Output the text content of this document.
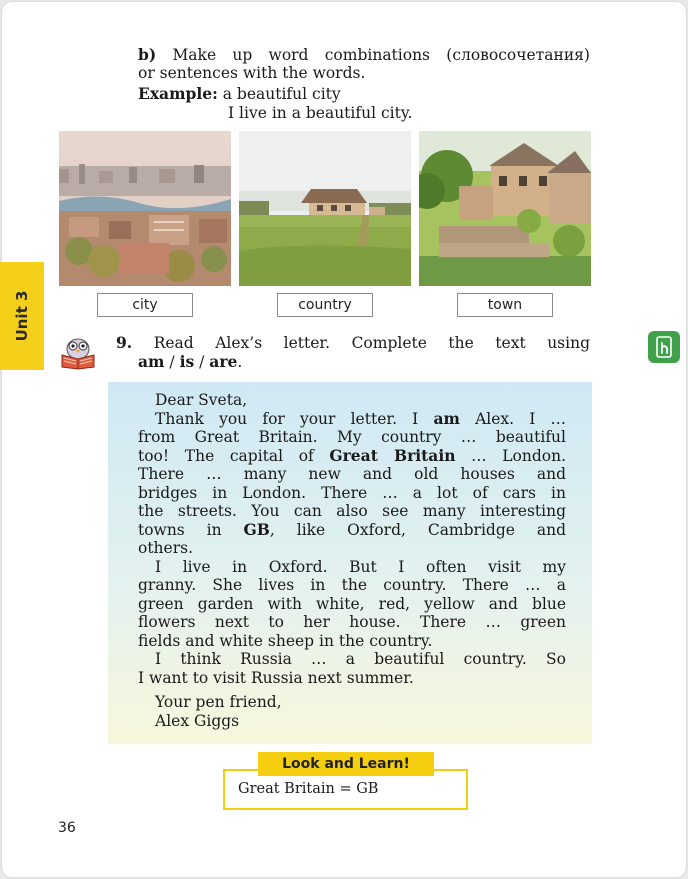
b) Make up word combinations (словосочетания)
or sentences with the words.
Example: a beautiful city
I live in a beautiful city.
city	country	town
Unit 3
9. Read Alex’s letter. Complete the text using
am / is / are.

Dear Sveta,

Thank you for your letter. I am Alex. I …

from Great Britain. My country … beautiful

too! The capital of Great Britain … London.

There … many new and old houses and

bridges in London. There … a lot of cars in

the streets. You can also see many interesting

towns in GB, like Oxford, Cambridge and

others.

I live in Oxford. But I often visit my

granny. She lives in the country. There … a

green garden with white, red, yellow and blue

flowers next to her house. There … green

fields and white sheep in the country.

I think Russia … a beautiful country. So

I want to visit Russia next summer.

Your pen friend,

Alex Giggs

Look and Learn!
Great Britain = GB
36
